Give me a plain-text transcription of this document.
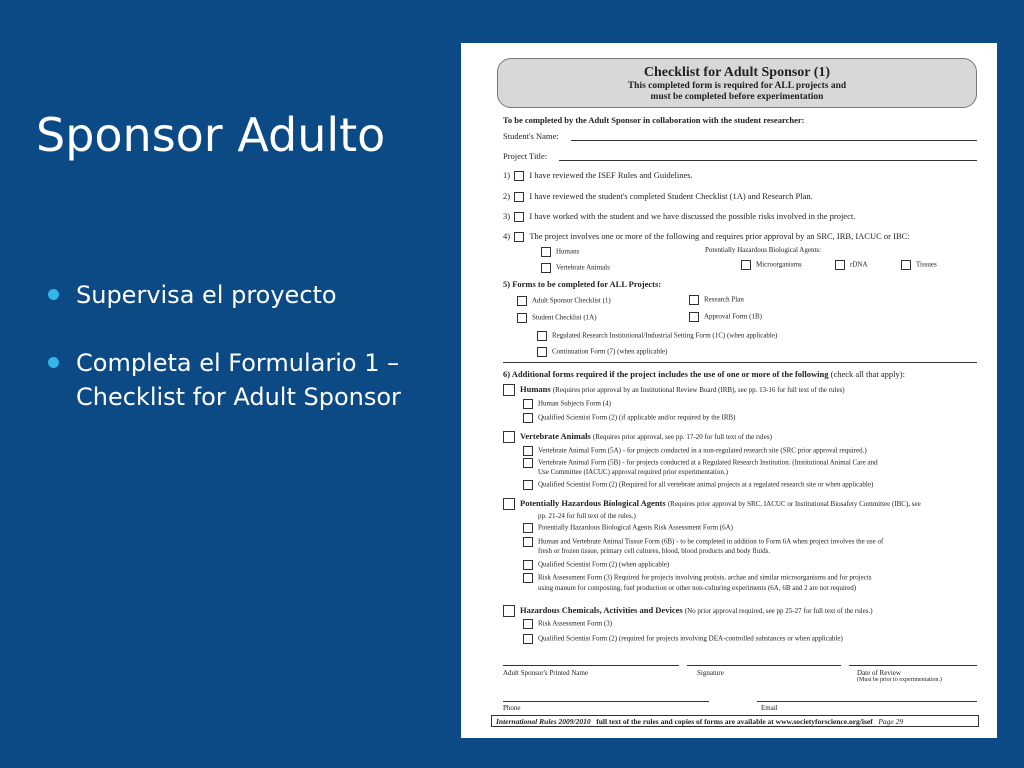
Sponsor Adulto
Supervisa el proyecto
Completa el Formulario 1 – Checklist for Adult Sponsor
Checklist for Adult Sponsor (1)
This completed form is required for ALL projects and
must be completed before experimentation
To be completed by the Adult Sponsor in collaboration with the student researcher:
Student's Name:
Project Title:
1) I have reviewed the ISEF Rules and Guidelines.
2) I have reviewed the student's completed Student Checklist (1A) and Research Plan.
3) I have worked with the student and we have discussed the possible risks involved in the project.
4) The project involves one or more of the following and requires prior approval by an SRC, IRB, IACUC or IBC:
Humans	Potentially Hazardous Biological Agents:
Vertebrate Animals	Microorganisms	rDNA	Tissues
5) Forms to be completed for ALL Projects:
Adult Sponsor Checklist (1)	Research Plan
Student Checklist (1A)	Approval Form (1B)
Regulated Research Institutional/Industrial Setting Form (1C) (when applicable)
Continuation Form (7) (when applicable)
6) Additional forms required if the project includes the use of one or more of the following (check all that apply):
Humans (Requires prior approval by an Institutional Review Board (IRB), see pp. 13-16 for full text of the rules)
Human Subjects Form (4)
Qualified Scientist Form (2) (if applicable and/or required by the IRB)
Vertebrate Animals (Requires prior approval, see pp. 17-20 for full text of the rules)
Vertebrate Animal Form (5A) - for projects conducted in a non-regulated research site (SRC prior approval required.)
Vertebrate Animal Form (5B) - for projects conducted at a Regulated Research Institution. (Institutional Animal Care and
Use Committee (IACUC) approval required prior experimentation.)
Qualified Scientist Form (2) (Required for all vertebrate animal projects at a regulated research site or when applicable)
Potentially Hazardous Biological Agents (Requires prior approval by SRC, IACUC or Institutional Biosafety Committee (IBC), see
pp. 21-24 for full text of the rules.)
Potentially Hazardous Biological Agents Risk Assessment Form (6A)
Human and Vertebrate Animal Tissue Form (6B) - to be completed in addition to Form 6A when project involves the use of
fresh or frozen tissue, primary cell cultures, blood, blood products and body fluids.
Qualified Scientist Form (2) (when applicable)
Risk Assessment Form (3) Required for projects involving protists, archae and similar microorganisms and for projects
using manure for composting, fuel production or other non-culturing experiments (6A, 6B and 2 are not required)
Hazardous Chemicals, Activities and Devices (No prior approval required, see pp 25-27 for full text of the rules.)
Risk Assessment Form (3)
Qualified Scientist Form (2) (required for projects involving DEA-controlled substances or when applicable)
Adult Sponsor's Printed Name	Signature	Date of Review
(Must be prior to experimentation.)
Phone	Email
International Rules 2009/2010 full text of the rules and copies of forms are available at www.societyforscience.org/isef Page 29
